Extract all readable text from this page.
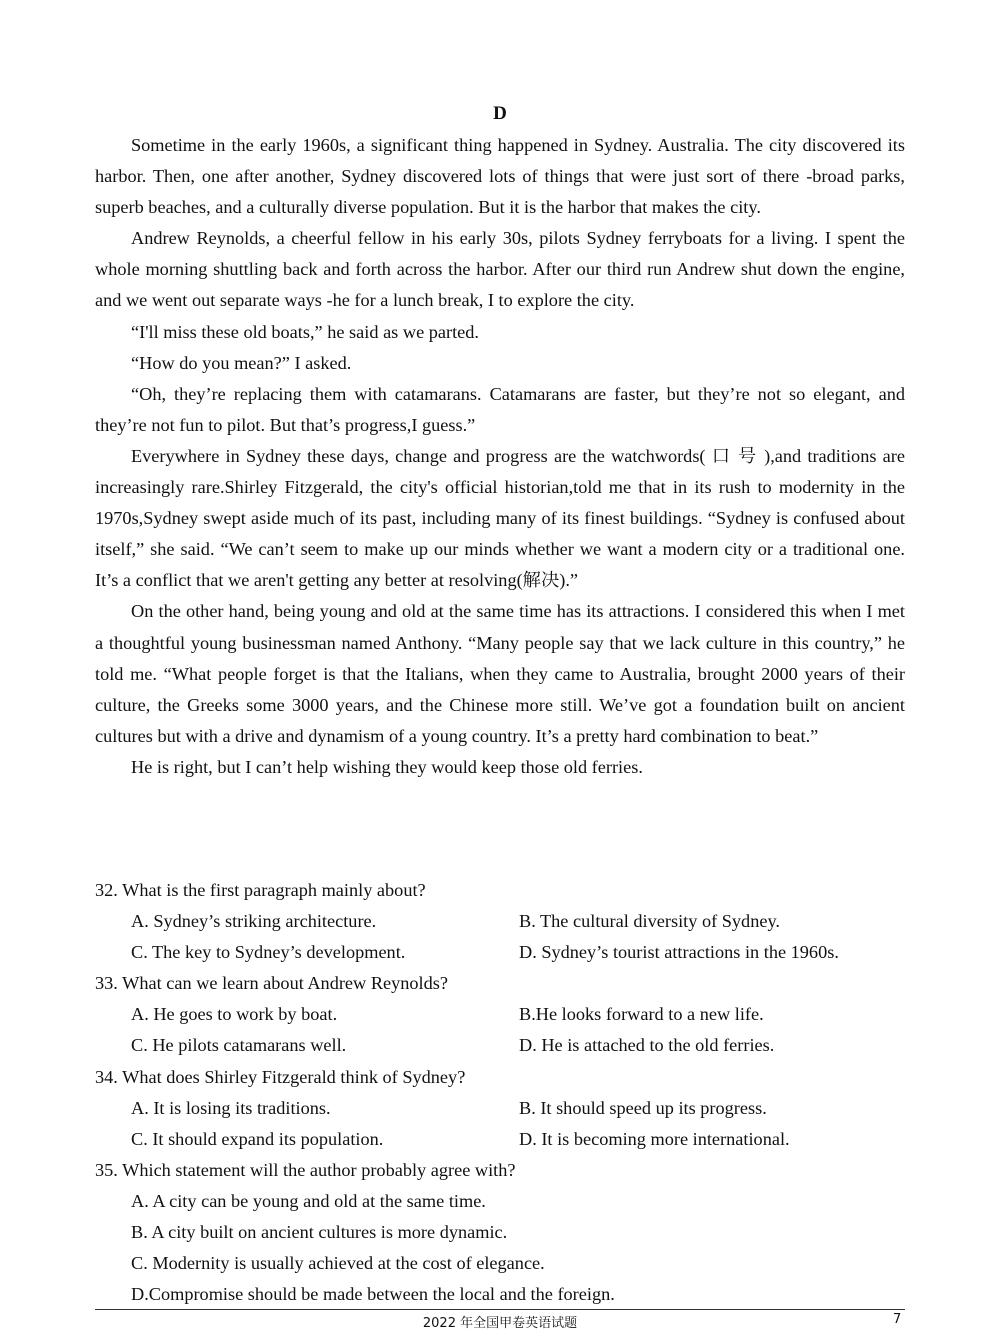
D

Sometime in the early 1960s, a significant thing happened in Sydney. Australia. The city discovered its harbor. Then, one after another, Sydney discovered lots of things that were just sort of there -broad parks, superb beaches, and a culturally diverse population. But it is the harbor that makes the city.

Andrew Reynolds, a cheerful fellow in his early 30s, pilots Sydney ferryboats for a living. I spent the whole morning shuttling back and forth across the harbor. After our third run Andrew shut down the engine, and we went out separate ways -he for a lunch break, I to explore the city.

“I'll miss these old boats,” he said as we parted.

“How do you mean?” I asked.

“Oh, they’re replacing them with catamarans. Catamarans are faster, but they’re not so elegant, and they’re not fun to pilot. But that’s progress,I guess.”

Everywhere in Sydney these days, change and progress are the watchwords( 口 号 ),and traditions are increasingly rare.Shirley Fitzgerald, the city's official historian,told me that in its rush to modernity in the 1970s,Sydney swept aside much of its past, including many of its finest buildings. “Sydney is confused about itself,” she said. “We can’t seem to make up our minds whether we want a modern city or a traditional one. It’s a conflict that we aren't getting any better at resolving(解决).”

On the other hand, being young and old at the same time has its attractions. I considered this when I met a thoughtful young businessman named Anthony. “Many people say that we lack culture in this country,” he told me. “What people forget is that the Italians, when they came to Australia, brought 2000 years of their culture, the Greeks some 3000 years, and the Chinese more still. We’ve got a foundation built on ancient cultures but with a drive and dynamism of a young country. It’s a pretty hard combination to beat.”

He is right, but I can’t help wishing they would keep those old ferries.

32. What is the first paragraph mainly about?

A. Sydney’s striking architecture.	B. The cultural diversity of Sydney.
C. The key to Sydney’s development.	D. Sydney’s tourist attractions in the 1960s.

33. What can we learn about Andrew Reynolds?

A. He goes to work by boat.	B.He looks forward to a new life.
C. He pilots catamarans well.	D. He is attached to the old ferries.

34. What does Shirley Fitzgerald think of Sydney?

A. It is losing its traditions.	B. It should speed up its progress.
C. It should expand its population.	D. It is becoming more international.

35. Which statement will the author probably agree with?

A. A city can be young and old at the same time.

B. A city built on ancient cultures is more dynamic.

C. Modernity is usually achieved at the cost of elegance.

D.Compromise should be made between the local and the foreign.

2022 年全国甲卷英语试题	7
